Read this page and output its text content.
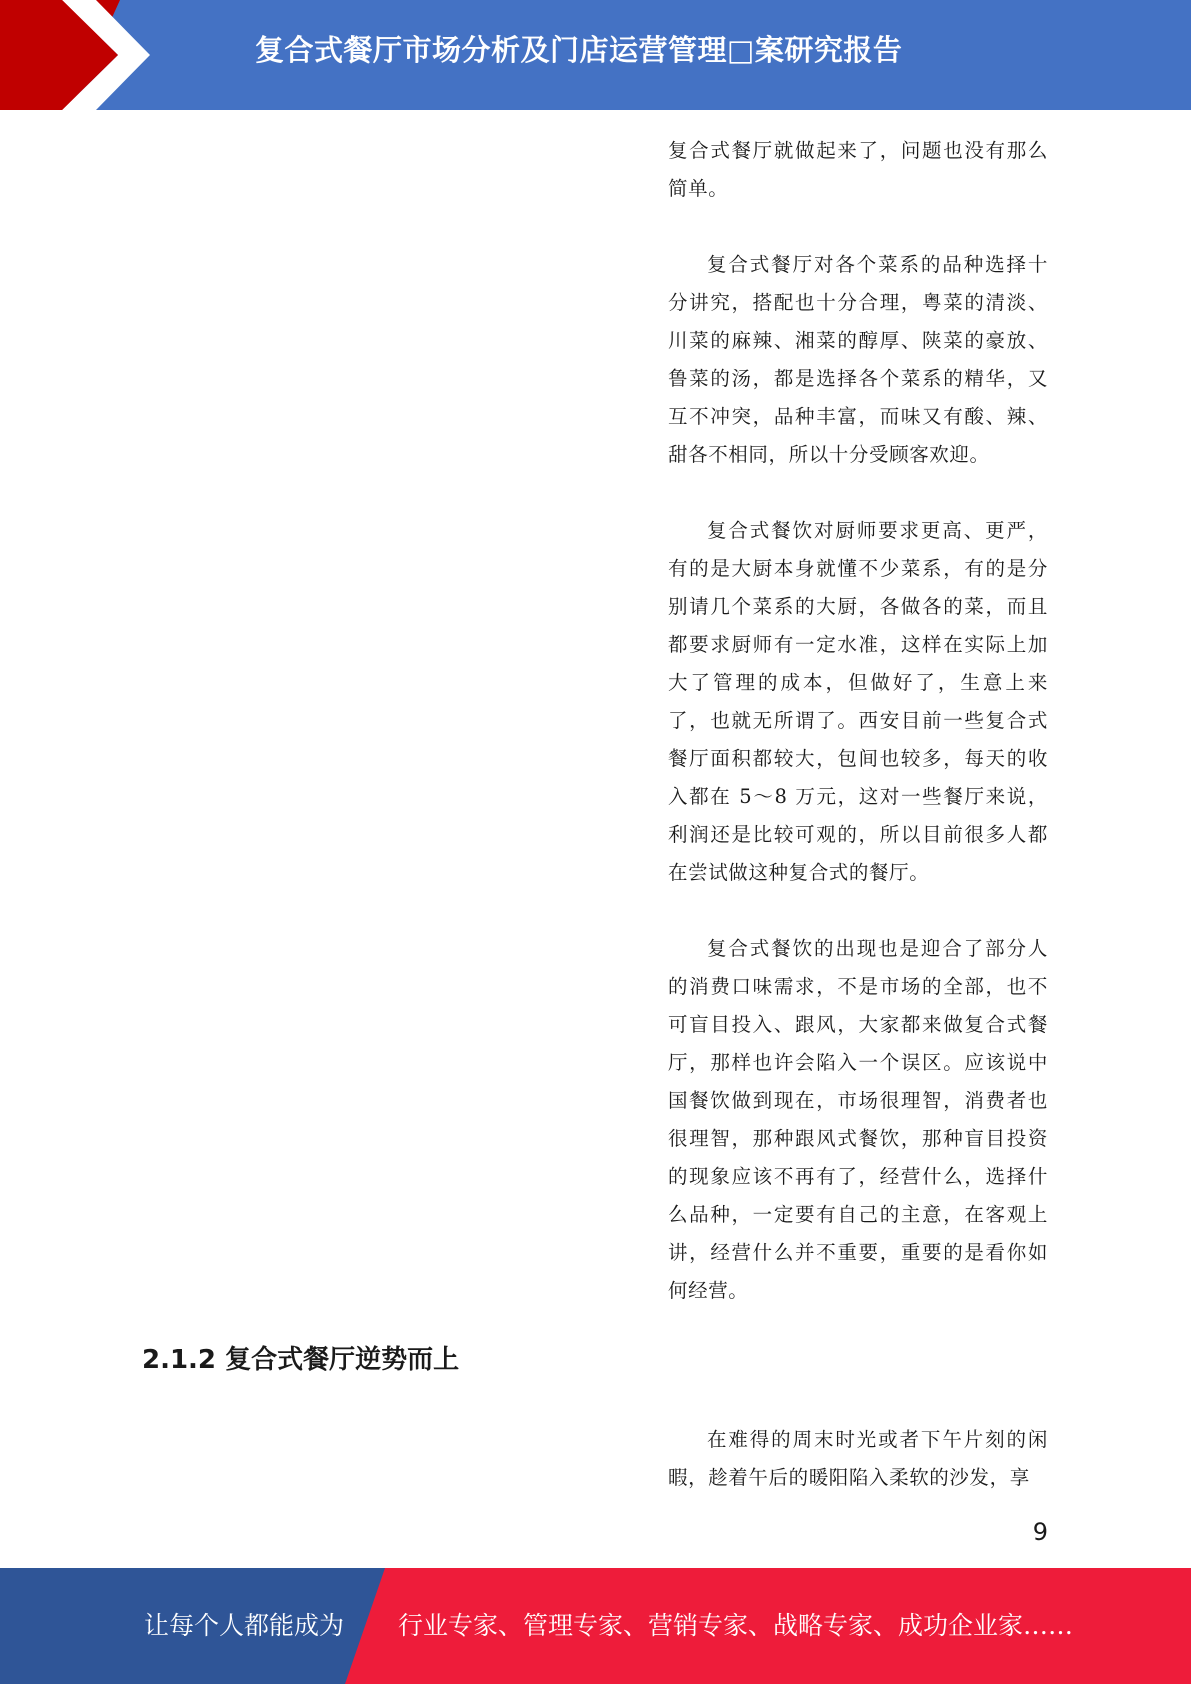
复合式餐厅市场分析及门店运营管理□案研究报告

复合式餐厅就做起来了，问题也没有那么简单。

复合式餐厅对各个菜系的品种选择十分讲究，搭配也十分合理，粤菜的清淡、川菜的麻辣、湘菜的醇厚、陕菜的豪放、鲁菜的汤，都是选择各个菜系的精华，又互不冲突，品种丰富，而味又有酸、辣、甜各不相同，所以十分受顾客欢迎。

复合式餐饮对厨师要求更高、更严，有的是大厨本身就懂不少菜系，有的是分别请几个菜系的大厨，各做各的菜，而且都要求厨师有一定水准，这样在实际上加大了管理的成本，但做好了，生意上来了，也就无所谓了。西安目前一些复合式餐厅面积都较大，包间也较多，每天的收入都在 5～8 万元，这对一些餐厅来说，利润还是比较可观的，所以目前很多人都在尝试做这种复合式的餐厅。

复合式餐饮的出现也是迎合了部分人的消费口味需求，不是市场的全部，也不可盲目投入、跟风，大家都来做复合式餐厅，那样也许会陷入一个误区。应该说中国餐饮做到现在，市场很理智，消费者也很理智，那种跟风式餐饮，那种盲目投资的现象应该不再有了，经营什么，选择什么品种，一定要有自己的主意，在客观上讲，经营什么并不重要，重要的是看你如何经营。

2.1.2 复合式餐厅逆势而上

在难得的周末时光或者下午片刻的闲暇，趁着午后的暖阳陷入柔软的沙发，享

9
让每个人都能成为 行业专家、管理专家、营销专家、战略专家、成功企业家……
